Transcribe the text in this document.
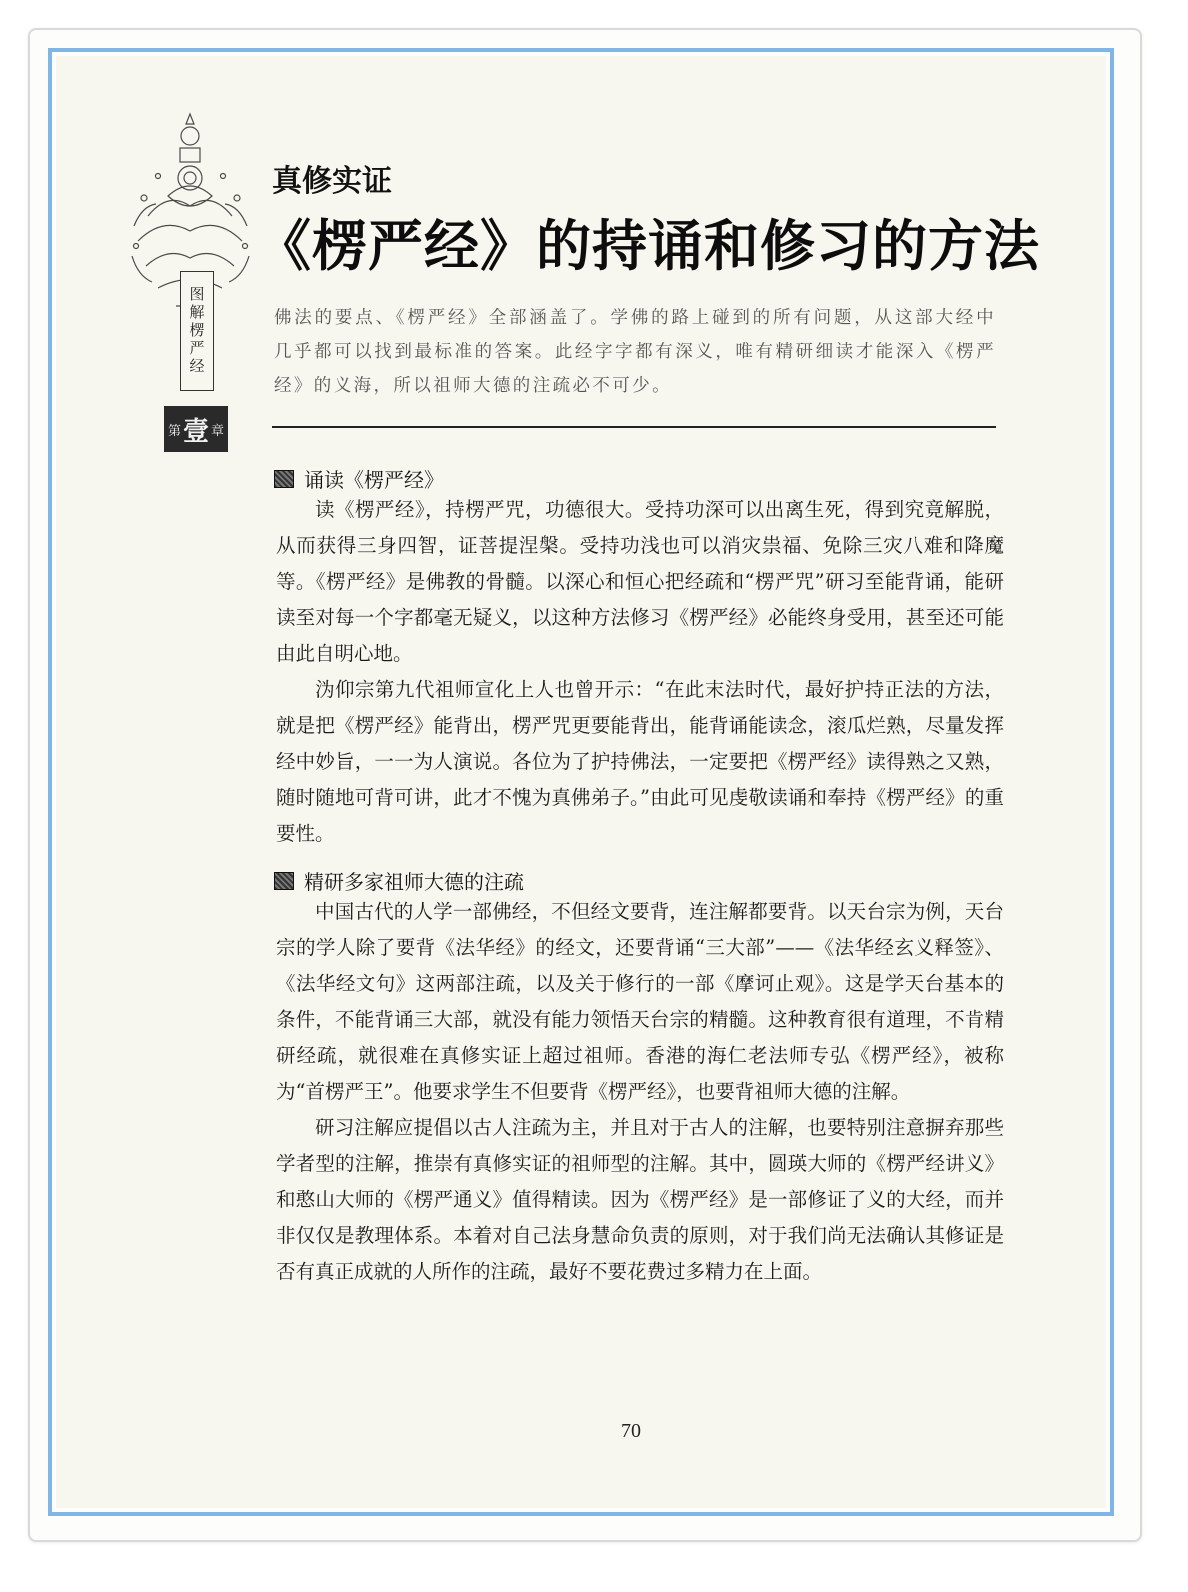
图解楞严经
第 壹 章
真修实证
《楞严经》的持诵和修习的方法
佛法的要点、《楞严经》全部涵盖了。学佛的路上碰到的所有问题，从这部大经中几乎都可以找到最标准的答案。此经字字都有深义，唯有精研细读才能深入《楞严经》的义海，所以祖师大德的注疏必不可少。
诵读《楞严经》

读《楞严经》，持楞严咒，功德很大。受持功深可以出离生死，得到究竟解脱，从而获得三身四智，证菩提涅槃。受持功浅也可以消灾祟福、免除三灾八难和降魔等。《楞严经》是佛教的骨髓。以深心和恒心把经疏和“楞严咒”研习至能背诵，能研读至对每一个字都毫无疑义，以这种方法修习《楞严经》必能终身受用，甚至还可能由此自明心地。

沩仰宗第九代祖师宣化上人也曾开示：“在此末法时代，最好护持正法的方法，就是把《楞严经》能背出，楞严咒更要能背出，能背诵能读念，滚瓜烂熟，尽量发挥经中妙旨，一一为人演说。各位为了护持佛法，一定要把《楞严经》读得熟之又熟，随时随地可背可讲，此才不愧为真佛弟子。”由此可见虔敬读诵和奉持《楞严经》的重要性。

精研多家祖师大德的注疏

中国古代的人学一部佛经，不但经文要背，连注解都要背。以天台宗为例，天台宗的学人除了要背《法华经》的经文，还要背诵“三大部”——《法华经玄义释签》、《法华经文句》这两部注疏，以及关于修行的一部《摩诃止观》。这是学天台基本的条件，不能背诵三大部，就没有能力领悟天台宗的精髓。这种教育很有道理，不肯精研经疏，就很难在真修实证上超过祖师。香港的海仁老法师专弘《楞严经》，被称为“首楞严王”。他要求学生不但要背《楞严经》，也要背祖师大德的注解。

研习注解应提倡以古人注疏为主，并且对于古人的注解，也要特别注意摒弃那些学者型的注解，推崇有真修实证的祖师型的注解。其中，圆瑛大师的《楞严经讲义》和憨山大师的《楞严通义》值得精读。因为《楞严经》是一部修证了义的大经，而并非仅仅是教理体系。本着对自己法身慧命负责的原则，对于我们尚无法确认其修证是否有真正成就的人所作的注疏，最好不要花费过多精力在上面。

70
